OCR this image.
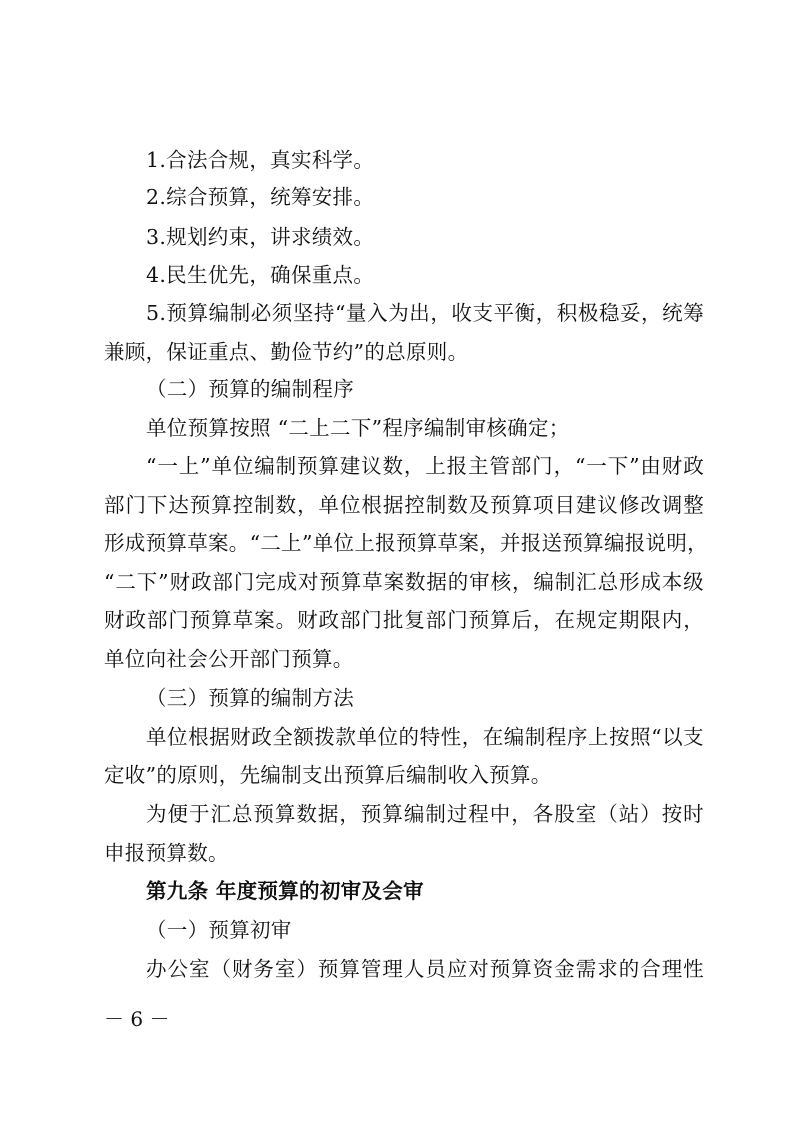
1.合法合规，真实科学。
2.综合预算，统筹安排。
3.规划约束，讲求绩效。
4.民生优先，确保重点。
5.预算编制必须坚持“量入为出，收支平衡，积极稳妥，统筹
兼顾，保证重点、勤俭节约”的总原则。
（二）预算的编制程序
单位预算按照 “二上二下”程序编制审核确定；
“一上”单位编制预算建议数，上报主管部门，“一下”由财政
部门下达预算控制数，单位根据控制数及预算项目建议修改调整
形成预算草案。“二上”单位上报预算草案，并报送预算编报说明，
“二下”财政部门完成对预算草案数据的审核，编制汇总形成本级
财政部门预算草案。财政部门批复部门预算后，在规定期限内，
单位向社会公开部门预算。
（三）预算的编制方法
单位根据财政全额拨款单位的特性，在编制程序上按照“以支
定收”的原则，先编制支出预算后编制收入预算。
为便于汇总预算数据，预算编制过程中，各股室（站）按时
申报预算数。
第九条 年度预算的初审及会审
（一）预算初审
办公室（财务室）预算管理人员应对预算资金需求的合理性
－ 6 －
